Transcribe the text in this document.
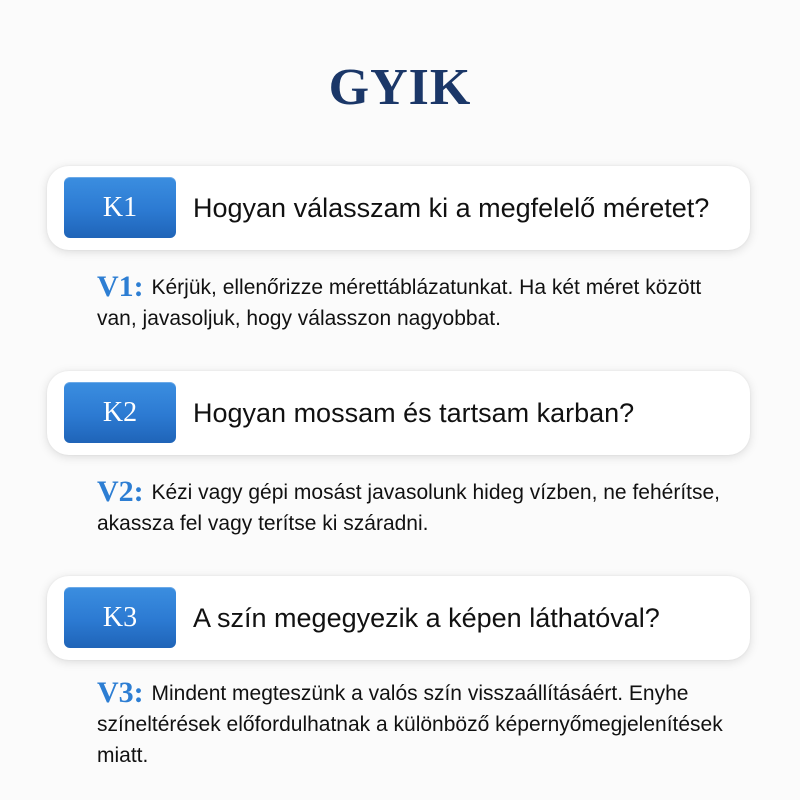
GYIK
K1	Hogyan válasszam ki a megfelelő méretet?
V1: Kérjük, ellenőrizze mérettáblázatunkat. Ha két méret között van, javasoljuk, hogy válasszon nagyobbat.
K2	Hogyan mossam és tartsam karban?
V2: Kézi vagy gépi mosást javasolunk hideg vízben, ne fehérítse, akassza fel vagy terítse ki száradni.
K3	A szín megegyezik a képen láthatóval?
V3: Mindent megteszünk a valós szín visszaállításáért. Enyhe színeltérések előfordulhatnak a különböző képernyőmegjelenítések miatt.
